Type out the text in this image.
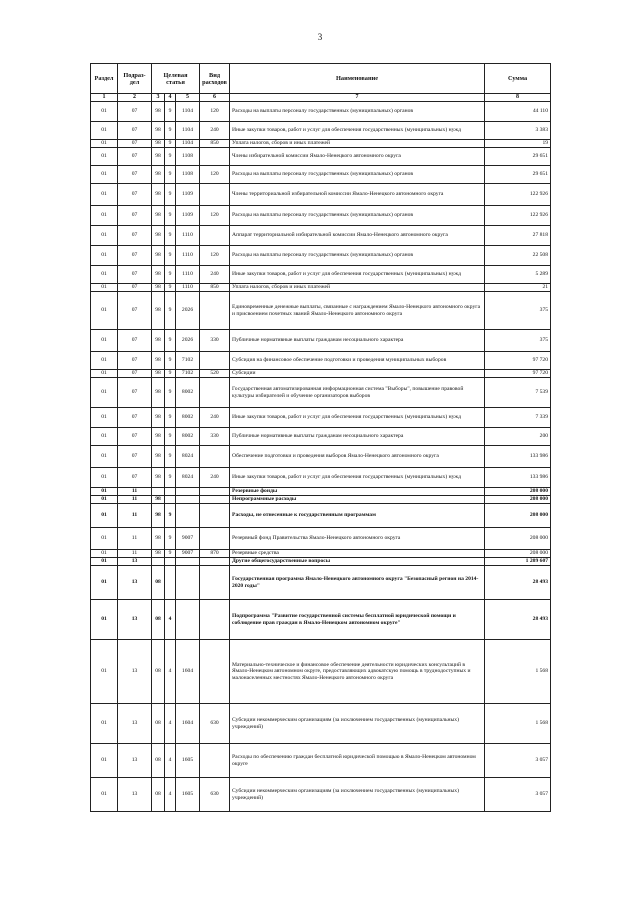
3
Раздел	Подраз-дел	Целевая статья			Вид расходов	Наименование	Сумма
1	2	3	4	5	6	7	8
01	07	98	9	1104	120	Расходы на выплаты персоналу государственных (муниципальных) органов	44 110
01	07	98	9	1104	240	Иные закупки товаров, работ и услуг для обеспечения государственных (муниципальных) нужд	3 383
01	07	98	9	1104	850	Уплата налогов, сборов и иных платежей	19
01	07	98	9	1108		Члены избирательной комиссии Ямало-Ненецкого автономного округа	29 651
01	07	98	9	1108	120	Расходы на выплаты персоналу государственных (муниципальных) органов	29 651
01	07	98	9	1109		Члены территориальной избирательной комиссии Ямало-Ненецкого автономного округа	122 926
01	07	98	9	1109	120	Расходы на выплаты персоналу государственных (муниципальных) органов	122 926
01	07	98	9	1110		Аппарат территориальной избирательной комиссии Ямало-Ненецкого автономного округа	27 818
01	07	98	9	1110	120	Расходы на выплаты персоналу государственных (муниципальных) органов	22 508
01	07	98	9	1110	240	Иные закупки товаров, работ и услуг для обеспечения государственных (муниципальных) нужд	5 289
01	07	98	9	1110	850	Уплата налогов, сборов и иных платежей	21
01	07	98	9	2026		Единовременные денежные выплаты, связанные с награждением Ямало-Ненецкого автономного округа и присвоением почетных званий Ямало-Ненецкого автономного округа	375
01	07	98	9	2026	330	Публичные нормативные выплаты гражданам несоциального характера	375
01	07	98	9	7102		Субсидия на финансовое обеспечение подготовки и проведения муниципальных выборов	97 720
01	07	98	9	7102	520	Субсидии	97 720
01	07	98	9	8002		Государственная автоматизированная информационная система "Выборы", повышение правовой культуры избирателей и обучение организаторов выборов	7 539
01	07	98	9	8002	240	Иные закупки товаров, работ и услуг для обеспечения государственных (муниципальных) нужд	7 339
01	07	98	9	8002	330	Публичные нормативные выплаты гражданам несоциального характера	200
01	07	98	9	8024		Обеспечение подготовки и проведения выборов Ямало-Ненецкого автономного округа	133 986
01	07	98	9	8024	240	Иные закупки товаров, работ и услуг для обеспечения государственных (муниципальных) нужд	133 986
01	11					Резервные фонды	208 000
01	11	98				Непрограммные расходы	208 000
01	11	98	9			Расходы, не отнесенные к государственным программам	208 000
01	11	98	9	9007		Резервный фонд Правительства Ямало-Ненецкого автономного округа	208 000
01	11	98	9	9007	870	Резервные средства	208 000
01	13					Другие общегосударственные вопросы	1 209 607
01	13	08				Государственная программа Ямало-Ненецкого автономного округа "Безопасный регион на 2014-2020 годы"	28 493
01	13	08	4			Подпрограмма "Развитие государственной системы бесплатной юридической помощи и соблюдение прав граждан в Ямало-Ненецком автономном округе"	28 493
01	13	08	4	1604		Материально-техническое и финансовое обеспечение деятельности юридических консультаций в Ямало-Ненецком автономном округе, предоставляющих адвокатскую помощь в труднодоступных и малонаселенных местностях Ямало-Ненецкого автономного округа	1 568
01	13	08	4	1604	630	Субсидии некоммерческим организациям (за исключением государственных (муниципальных) учреждений)	1 568
01	13	08	4	1605		Расходы по обеспечению граждан бесплатной юридической помощью в Ямало-Ненецком автономном округе	3 057
01	13	08	4	1605	630	Субсидии некоммерческим организациям (за исключением государственных (муниципальных) учреждений)	3 057
